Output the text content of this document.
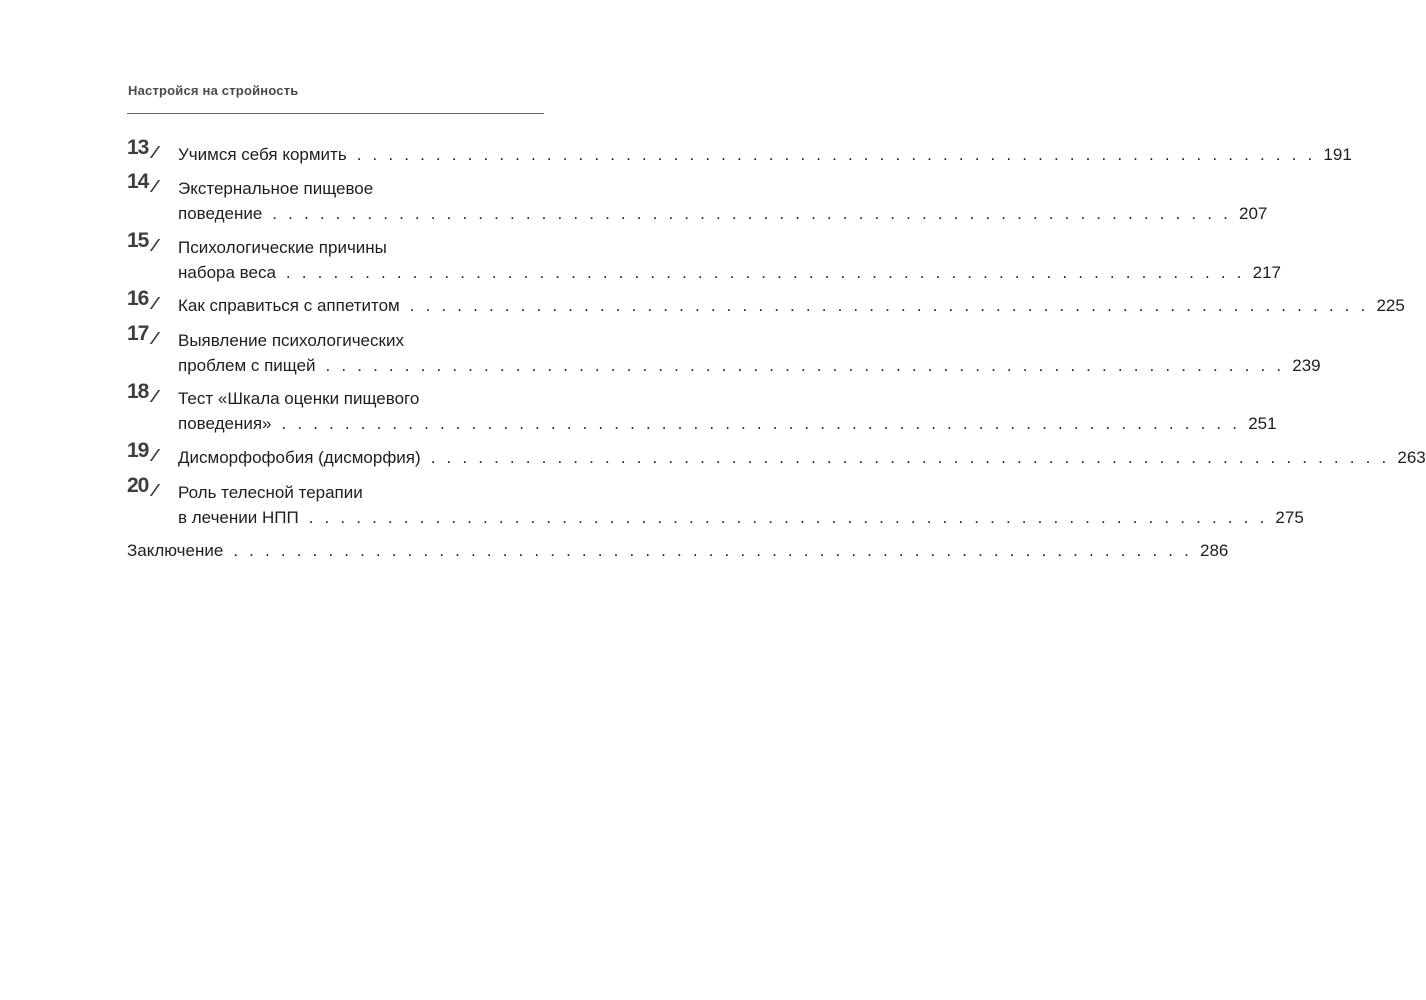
Настройся на стройность
13 Учимся себя кормить . . . . . . . . . . . . . . . . . . . . . . . . . . . . . . . . . . . . . . . . . . . . . . . . . . . . . . . . . . . . . 191
14 Экстернальное пищевое
поведение . . . . . . . . . . . . . . . . . . . . . . . . . . . . . . . . . . . . . . . . . . . . . . . . . . . . . . . . . . . . . 207
15 Психологические причины
набора веса . . . . . . . . . . . . . . . . . . . . . . . . . . . . . . . . . . . . . . . . . . . . . . . . . . . . . . . . . . . . . 217
16 Как справиться с аппетитом . . . . . . . . . . . . . . . . . . . . . . . . . . . . . . . . . . . . . . . . . . . . . . . . . . . . . . . . . . . . . 225
17 Выявление психологических
проблем с пищей . . . . . . . . . . . . . . . . . . . . . . . . . . . . . . . . . . . . . . . . . . . . . . . . . . . . . . . . . . . . . 239
18 Тест «Шкала оценки пищевого
поведения» . . . . . . . . . . . . . . . . . . . . . . . . . . . . . . . . . . . . . . . . . . . . . . . . . . . . . . . . . . . . . 251
19 Дисморфофобия (дисморфия) . . . . . . . . . . . . . . . . . . . . . . . . . . . . . . . . . . . . . . . . . . . . . . . . . . . . . . . . . . . . . 263
20 Роль телесной терапии
в лечении НПП . . . . . . . . . . . . . . . . . . . . . . . . . . . . . . . . . . . . . . . . . . . . . . . . . . . . . . . . . . . . . 275
Заключение . . . . . . . . . . . . . . . . . . . . . . . . . . . . . . . . . . . . . . . . . . . . . . . . . . . . . . . . . . . . . 286
